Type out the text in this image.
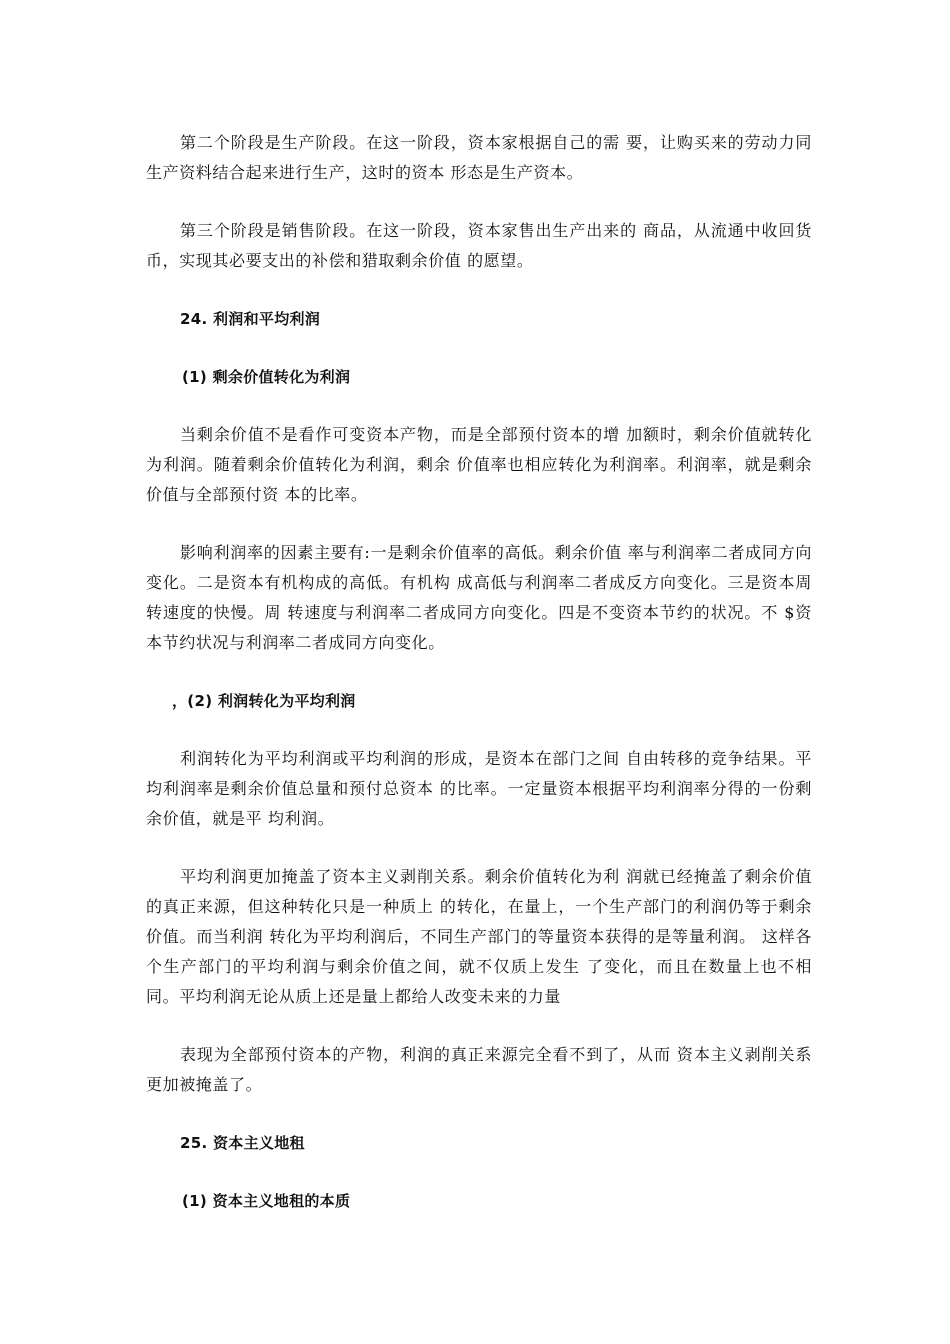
第二个阶段是生产阶段。在这一阶段，资本家根据自己的需 要，让购买来的劳动力同生产资料结合起来进行生产，这时的资本 形态是生产资本。

第三个阶段是销售阶段。在这一阶段，资本家售出生产出来的 商品，从流通中收回货币，实现其必要支出的补偿和猎取剩余价值 的愿望。

24. 利润和平均利润
(1) 剩余价值转化为利润

当剩余价值不是看作可变资本产物，而是全部预付资本的增 加额时，剩余价值就转化为利润。随着剩余价值转化为利润，剩余 价值率也相应转化为利润率。利润率，就是剩余价值与全部预付资 本的比率。

影响利润率的因素主要有:一是剩余价值率的高低。剩余价值 率与利润率二者成同方向变化。二是资本有机构成的高低。有机构 成高低与利润率二者成反方向变化。三是资本周转速度的快慢。周 转速度与利润率二者成同方向变化。四是不变资本节约的状况。不 $资本节约状况与利润率二者成同方向变化。

，(2) 利润转化为平均利润

利润转化为平均利润或平均利润的形成，是资本在部门之间 自由转移的竞争结果。平均利润率是剩余价值总量和预付总资本 的比率。一定量资本根据平均利润率分得的一份剩余价值，就是平 均利润。

平均利润更加掩盖了资本主义剥削关系。剩余价值转化为利 润就已经掩盖了剩余价值的真正来源，但这种转化只是一种质上 的转化，在量上，一个生产部门的利润仍等于剩余价值。而当利润 转化为平均利润后，不同生产部门的等量资本获得的是等量利润。 这样各个生产部门的平均利润与剩余价值之间，就不仅质上发生 了变化，而且在数量上也不相同。平均利润无论从质上还是量上都给人改变未来的力量

表现为全部预付资本的产物，利润的真正来源完全看不到了，从而 资本主义剥削关系更加被掩盖了。

25. 资本主义地租
(1) 资本主义地租的本质
